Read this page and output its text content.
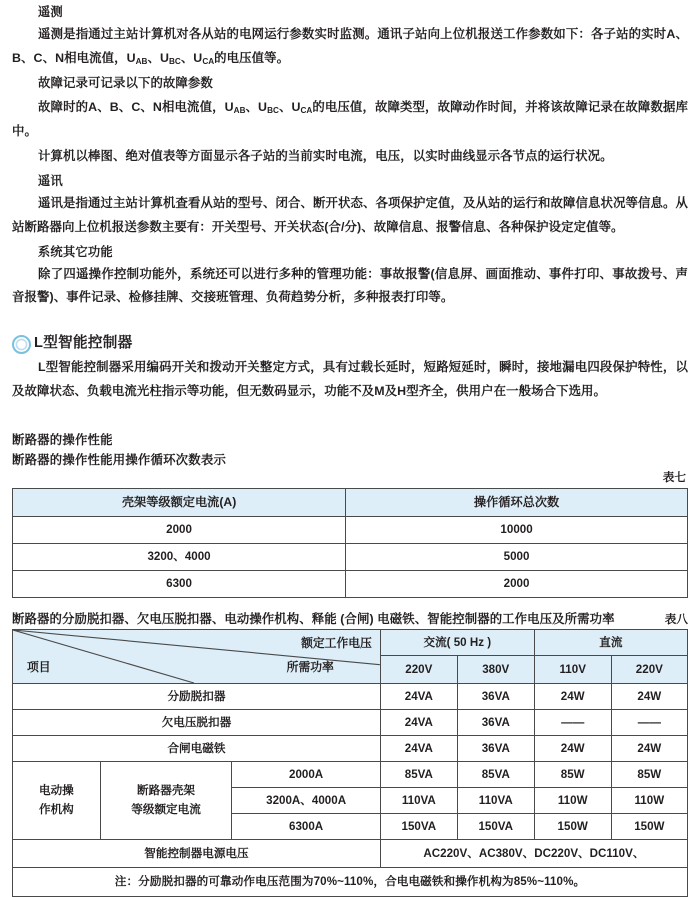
遥测

遥测是指通过主站计算机对各从站的电网运行参数实时监测。通讯子站向上位机报送工作参数如下：各子站的实时A、B、C、N相电流值，$U_{AB}$、$U_{BC}$、$U_{CA}$的电压值等。

故障记录可记录以下的故障参数

故障时的A、B、C、N相电流值，$U_{AB}$、$U_{BC}$、$U_{CA}$的电压值，故障类型，故障动作时间，并将该故障记录在故障数据库中。

计算机以棒图、绝对值表等方面显示各子站的当前实时电流，电压，以实时曲线显示各节点的运行状况。

遥讯

遥讯是指通过主站计算机查看从站的型号、闭合、断开状态、各项保护定值，及从站的运行和故障信息状况等信息。从站断路器向上位机报送参数主要有：开关型号、开关状态(合/分)、故障信息、报警信息、各种保护设定定值等。

系统其它功能

除了四遥操作控制功能外，系统还可以进行多种的管理功能：事故报警(信息屏、画面推动、事件打印、事故拨号、声音报警)、事件记录、检修挂牌、交接班管理、负荷趋势分析，多种报表打印等。

L型智能控制器

L型智能控制器采用编码开关和拨动开关整定方式，具有过载长延时，短路短延时，瞬时，接地漏电四段保护特性，以及故障状态、负载电流光柱指示等功能，但无数码显示，功能不及M及H型齐全，供用户在一般场合下选用。

断路器的操作性能

断路器的操作性能用操作循环次数表示

表七
壳架等级额定电流(A)	操作循环总次数
2000	10000
3200、4000	5000
6300	2000
断路器的分励脱扣器、欠电压脱扣器、电动操作机构、释能 (合闸) 电磁铁、智能控制器的工作电压及所需功率	表八
额定工作电压
所需功率
项目			交流( 50 Hz )		直流	
			220V	380V	110V	220V
分励脱扣器			24VA	36VA	24W	24W
欠电压脱扣器			24VA	36VA	——	——
合闸电磁铁			24VA	36VA	24W	24W

电动操
作机构

断路器壳架
等级额定电流
	2000A	85VA	85VA	85W	85W
		3200A、4000A	110VA	110VA	110W	110W
		6300A	150VA	150VA	150W	150W
智能控制器电源电压			AC220V、AC380V、DC220V、DC110V、			
注：分励脱扣器的可靠动作电压范围为70%~110%，合电电磁铁和操作机构为85%~110%。						
